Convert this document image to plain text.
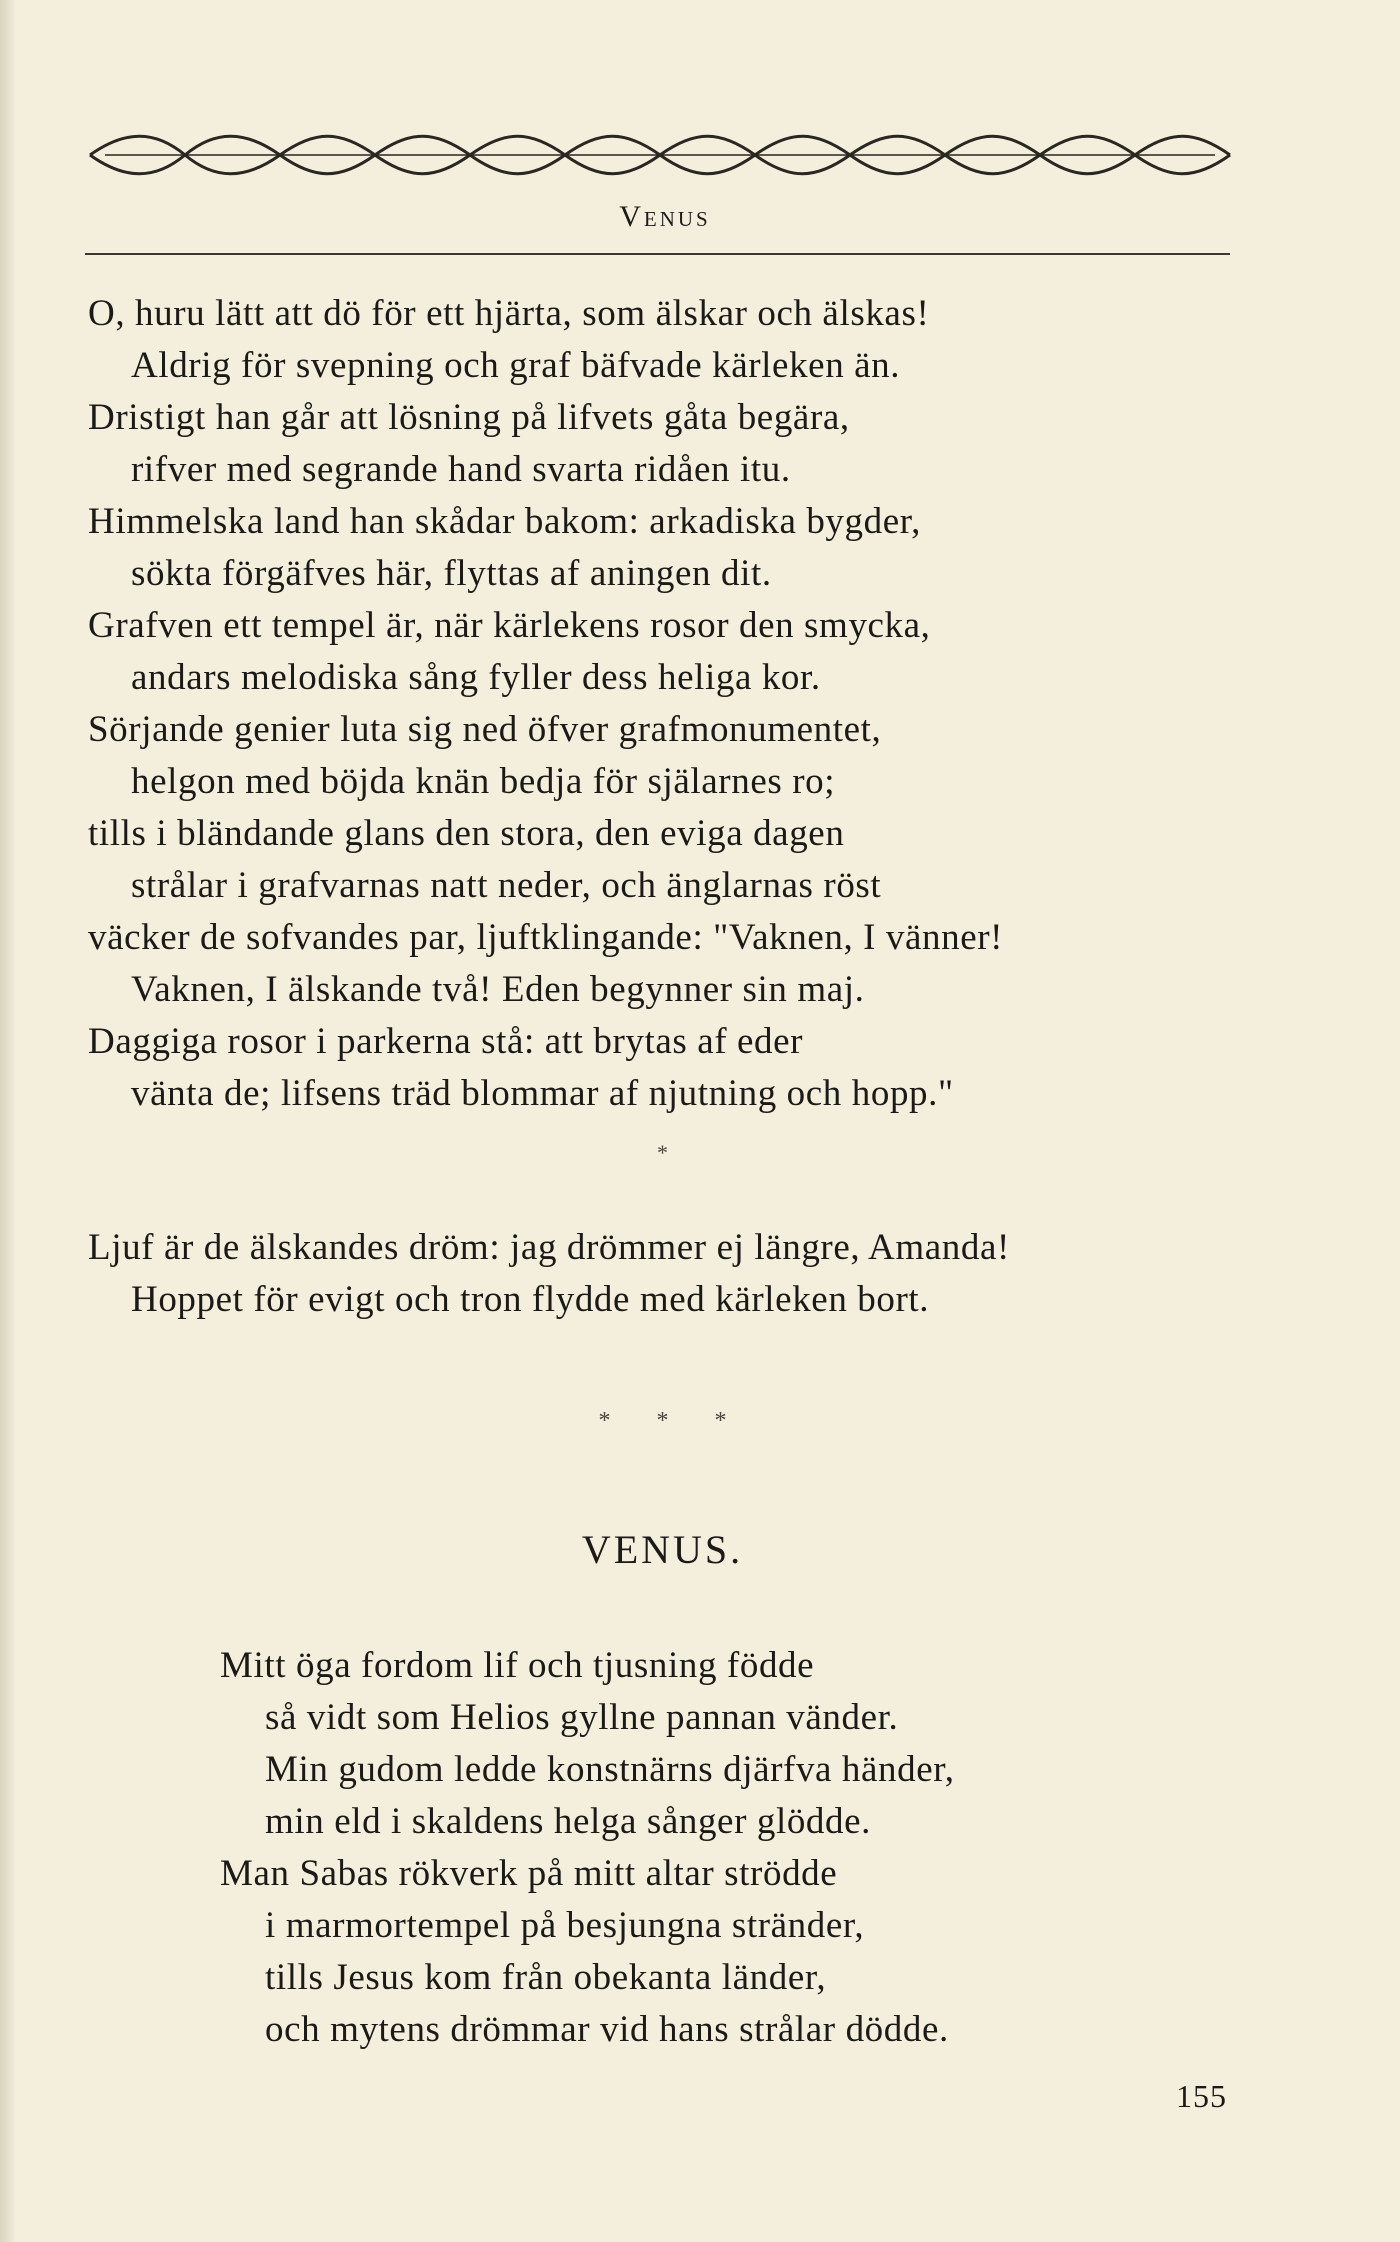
Venus
O, huru lätt att dö för ett hjärta, som älskar och älskas!
Aldrig för svepning och graf bäfvade kärleken än.
Dristigt han går att lösning på lifvets gåta begära,
rifver med segrande hand svarta ridåen itu.
Himmelska land han skådar bakom: arkadiska bygder,
sökta förgäfves här, flyttas af aningen dit.
Grafven ett tempel är, när kärlekens rosor den smycka,
andars melodiska sång fyller dess heliga kor.
Sörjande genier luta sig ned öfver grafmonumentet,
helgon med böjda knän bedja för själarnes ro;
tills i bländande glans den stora, den eviga dagen
strålar i grafvarnas natt neder, och änglarnas röst
väcker de sofvandes par, ljuftklingande: "Vaknen, I vänner!
Vaknen, I älskande två! Eden begynner sin maj.
Daggiga rosor i parkerna stå: att brytas af eder
vänta de; lifsens träd blommar af njutning och hopp."
*
Ljuf är de älskandes dröm: jag drömmer ej längre, Amanda!
Hoppet för evigt och tron flydde med kärleken bort.
* * *
VENUS.
Mitt öga fordom lif och tjusning födde
så vidt som Helios gyllne pannan vänder.
Min gudom ledde konstnärns djärfva händer,
min eld i skaldens helga sånger glödde.
Man Sabas rökverk på mitt altar strödde
i marmortempel på besjungna stränder,
tills Jesus kom från obekanta länder,
och mytens drömmar vid hans strålar dödde.
155
